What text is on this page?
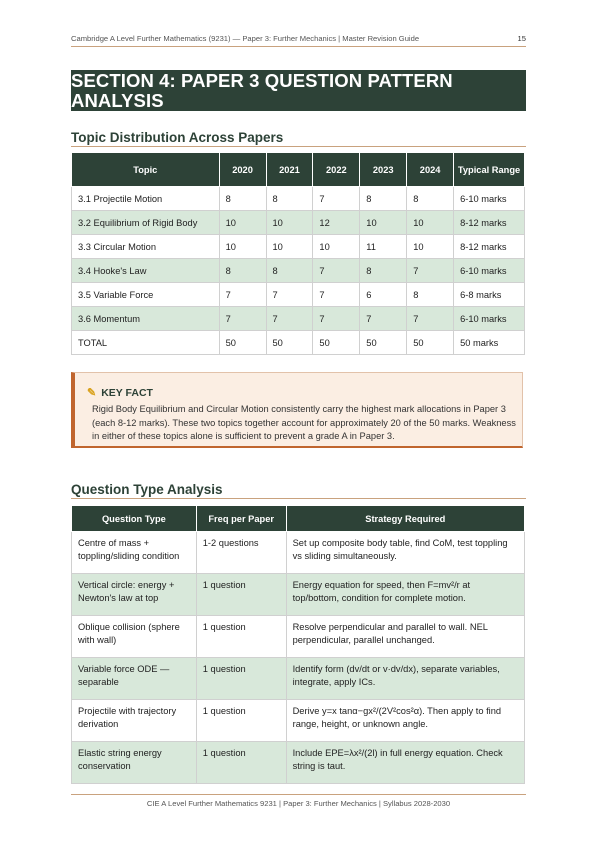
Cambridge A Level Further Mathematics (9231) — Paper 3: Further Mechanics | Master Revision Guide	15
SECTION 4: PAPER 3 QUESTION PATTERN ANALYSIS
Topic Distribution Across Papers
Topic	2020	2021	2022	2023	2024	Typical Range
3.1 Projectile Motion	8	8	7	8	8	6-10 marks
3.2 Equilibrium of Rigid Body	10	10	12	10	10	8-12 marks
3.3 Circular Motion	10	10	10	11	10	8-12 marks
3.4 Hooke's Law	8	8	7	8	7	6-10 marks
3.5 Variable Force	7	7	7	6	8	6-8 marks
3.6 Momentum	7	7	7	7	7	6-10 marks
TOTAL	50	50	50	50	50	50 marks
✎ KEY FACT
Rigid Body Equilibrium and Circular Motion consistently carry the highest mark allocations in Paper 3 (each 8-12 marks). These two topics together account for approximately 20 of the 50 marks. Weakness in either of these topics alone is sufficient to prevent a grade A in Paper 3.
Question Type Analysis
Question Type	Freq per Paper	Strategy Required
Centre of mass + toppling/sliding condition	1-2 questions	Set up composite body table, find CoM, test toppling vs sliding simultaneously.
Vertical circle: energy + Newton's law at top	1 question	Energy equation for speed, then F=mv²/r at top/bottom, condition for complete motion.
Oblique collision (sphere with wall)	1 question	Resolve perpendicular and parallel to wall. NEL perpendicular, parallel unchanged.
Variable force ODE — separable	1 question	Identify form (dv/dt or v·dv/dx), separate variables, integrate, apply ICs.
Projectile with trajectory derivation	1 question	Derive y=x tanα−gx²/(2V²cos²α). Then apply to find range, height, or unknown angle.
Elastic string energy conservation	1 question	Include EPE=λx²/(2l) in full energy equation. Check string is taut.
CIE A Level Further Mathematics 9231 | Paper 3: Further Mechanics | Syllabus 2028-2030
